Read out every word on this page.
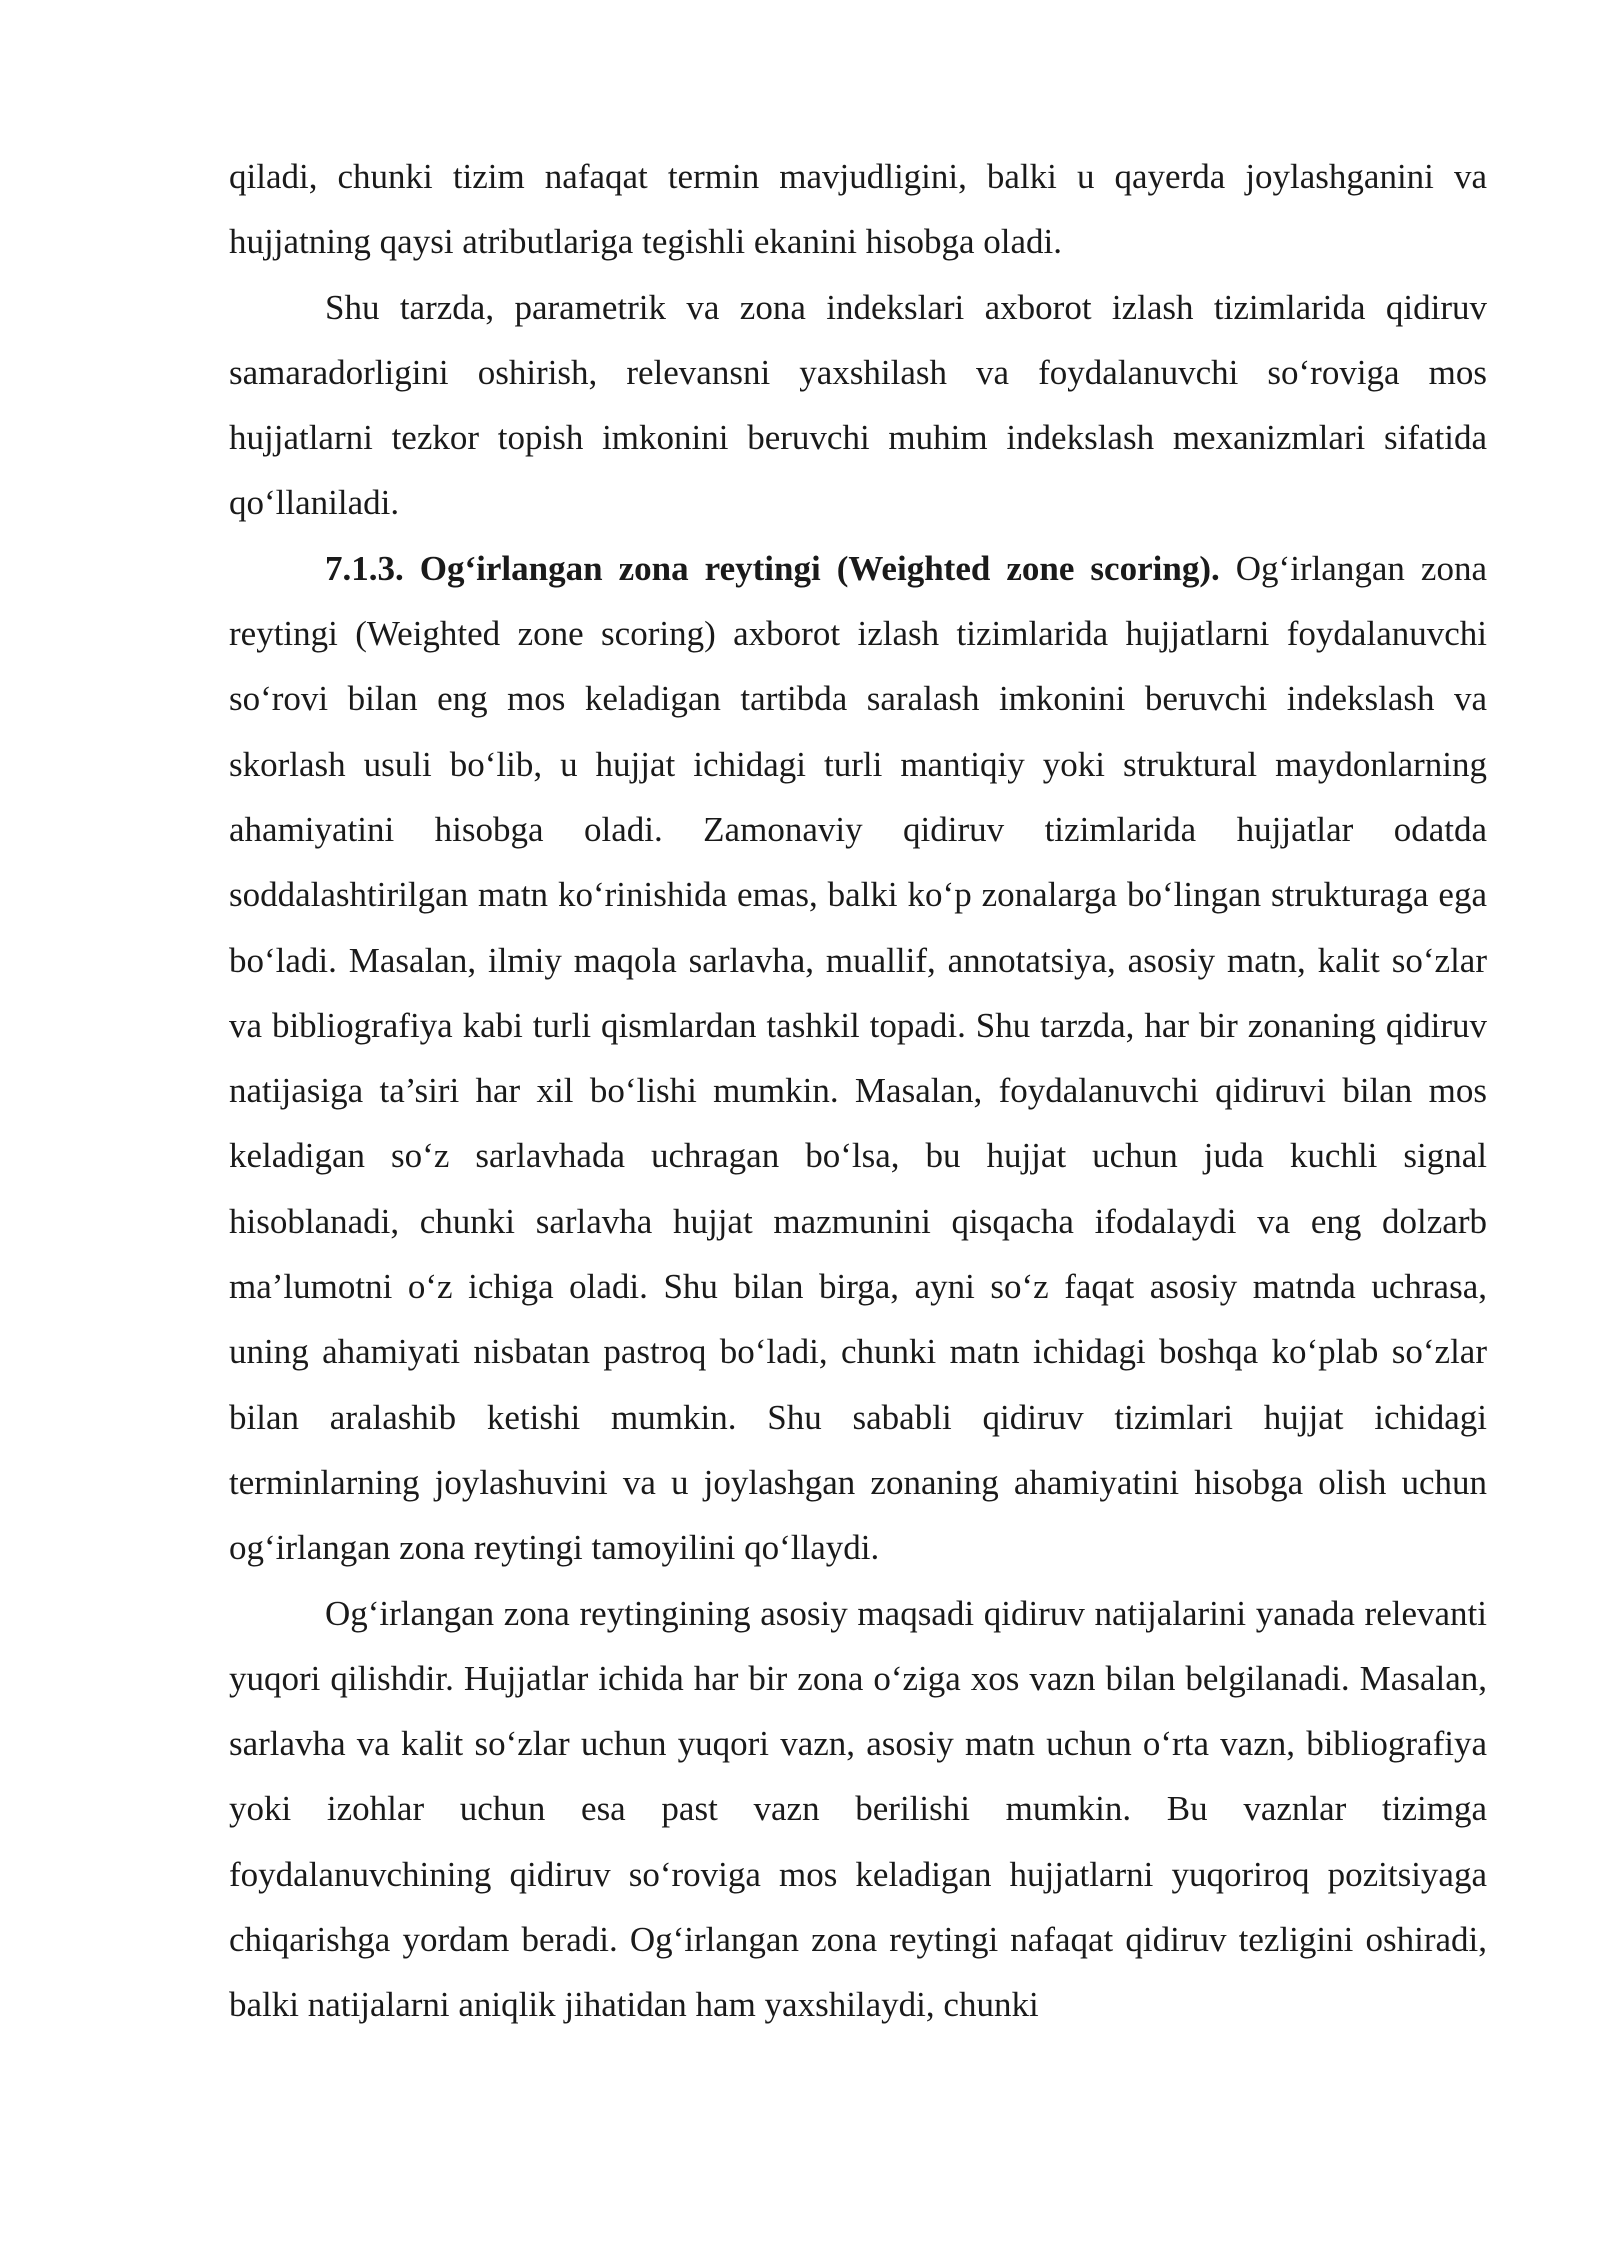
qiladi, chunki tizim nafaqat termin mavjudligini, balki u qayerda joylashganini va hujjatning qaysi atributlariga tegishli ekanini hisobga oladi.

Shu tarzda, parametrik va zona indekslari axborot izlash tizimlarida qidiruv samaradorligini oshirish, relevansni yaxshilash va foydalanuvchi so‘roviga mos hujjatlarni tezkor topish imkonini beruvchi muhim indekslash mexanizmlari sifatida qo‘llaniladi.

7.1.3. Og‘irlangan zona reytingi (Weighted zone scoring). Og‘irlangan zona reytingi (Weighted zone scoring) axborot izlash tizimlarida hujjatlarni foydalanuvchi so‘rovi bilan eng mos keladigan tartibda saralash imkonini beruvchi indekslash va skorlash usuli bo‘lib, u hujjat ichidagi turli mantiqiy yoki struktural maydonlarning ahamiyatini hisobga oladi. Zamonaviy qidiruv tizimlarida hujjatlar odatda soddalashtirilgan matn ko‘rinishida emas, balki ko‘p zonalarga bo‘lingan strukturaga ega bo‘ladi. Masalan, ilmiy maqola sarlavha, muallif, annotatsiya, asosiy matn, kalit so‘zlar va bibliografiya kabi turli qismlardan tashkil topadi. Shu tarzda, har bir zonaning qidiruv natijasiga ta’siri har xil bo‘lishi mumkin. Masalan, foydalanuvchi qidiruvi bilan mos keladigan so‘z sarlavhada uchragan bo‘lsa, bu hujjat uchun juda kuchli signal hisoblanadi, chunki sarlavha hujjat mazmunini qisqacha ifodalaydi va eng dolzarb ma’lumotni o‘z ichiga oladi. Shu bilan birga, ayni so‘z faqat asosiy matnda uchrasa, uning ahamiyati nisbatan pastroq bo‘ladi, chunki matn ichidagi boshqa ko‘plab so‘zlar bilan aralashib ketishi mumkin. Shu sababli qidiruv tizimlari hujjat ichidagi terminlarning joylashuvini va u joylashgan zonaning ahamiyatini hisobga olish uchun og‘irlangan zona reytingi tamoyilini qo‘llaydi.

Og‘irlangan zona reytingining asosiy maqsadi qidiruv natijalarini yanada relevanti yuqori qilishdir. Hujjatlar ichida har bir zona o‘ziga xos vazn bilan belgilanadi. Masalan, sarlavha va kalit so‘zlar uchun yuqori vazn, asosiy matn uchun o‘rta vazn, bibliografiya yoki izohlar uchun esa past vazn berilishi mumkin. Bu vaznlar tizimga foydalanuvchining qidiruv so‘roviga mos keladigan hujjatlarni yuqoriroq pozitsiyaga chiqarishga yordam beradi. Og‘irlangan zona reytingi nafaqat qidiruv tezligini oshiradi, balki natijalarni aniqlik jihatidan ham yaxshilaydi, chunki
